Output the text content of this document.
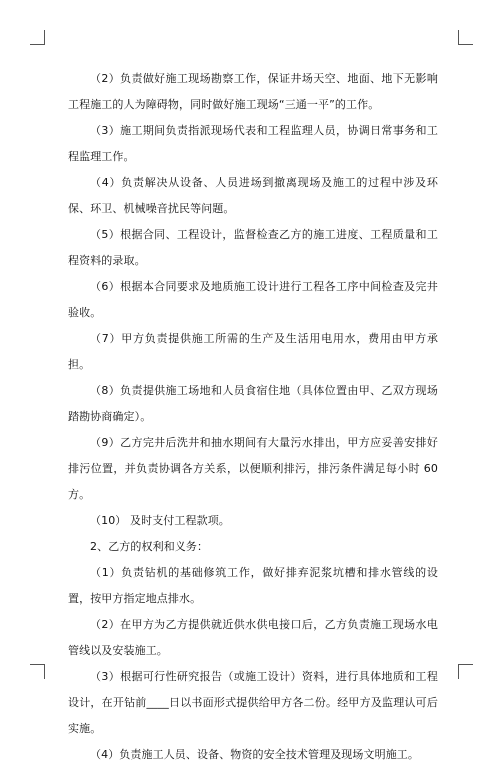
（2）负责做好施工现场勘察工作，保证井场天空、地面、地下无影响工程施工的人为障碍物，同时做好施工现场“三通一平”的工作。

（3）施工期间负责指派现场代表和工程监理人员，协调日常事务和工程监理工作。

（4）负责解决从设备、人员进场到撤离现场及施工的过程中涉及环保、环卫、机械噪音扰民等问题。

（5）根据合同、工程设计，监督检查乙方的施工进度、工程质量和工程资料的录取。

（6）根据本合同要求及地质施工设计进行工程各工序中间检查及完井验收。

（7）甲方负责提供施工所需的生产及生活用电用水，费用由甲方承担。

（8）负责提供施工场地和人员食宿住地（具体位置由甲、乙双方现场踏勘协商确定）。

（9）乙方完井后洗井和抽水期间有大量污水排出，甲方应妥善安排好排污位置，并负责协调各方关系，以便顺利排污，排污条件满足每小时 60 方。

（10） 及时支付工程款项。

2、乙方的权利和义务：

（1）负责钻机的基础修筑工作，做好排弃泥浆坑槽和排水管线的设置，按甲方指定地点排水。

（2）在甲方为乙方提供就近供水供电接口后，乙方负责施工现场水电管线以及安装施工。

（3）根据可行性研究报告（或施工设计）资料，进行具体地质和工程设计，在开钻前____日以书面形式提供给甲方各二份。经甲方及监理认可后实施。

（4）负责施工人员、设备、物资的安全技术管理及现场文明施工。
